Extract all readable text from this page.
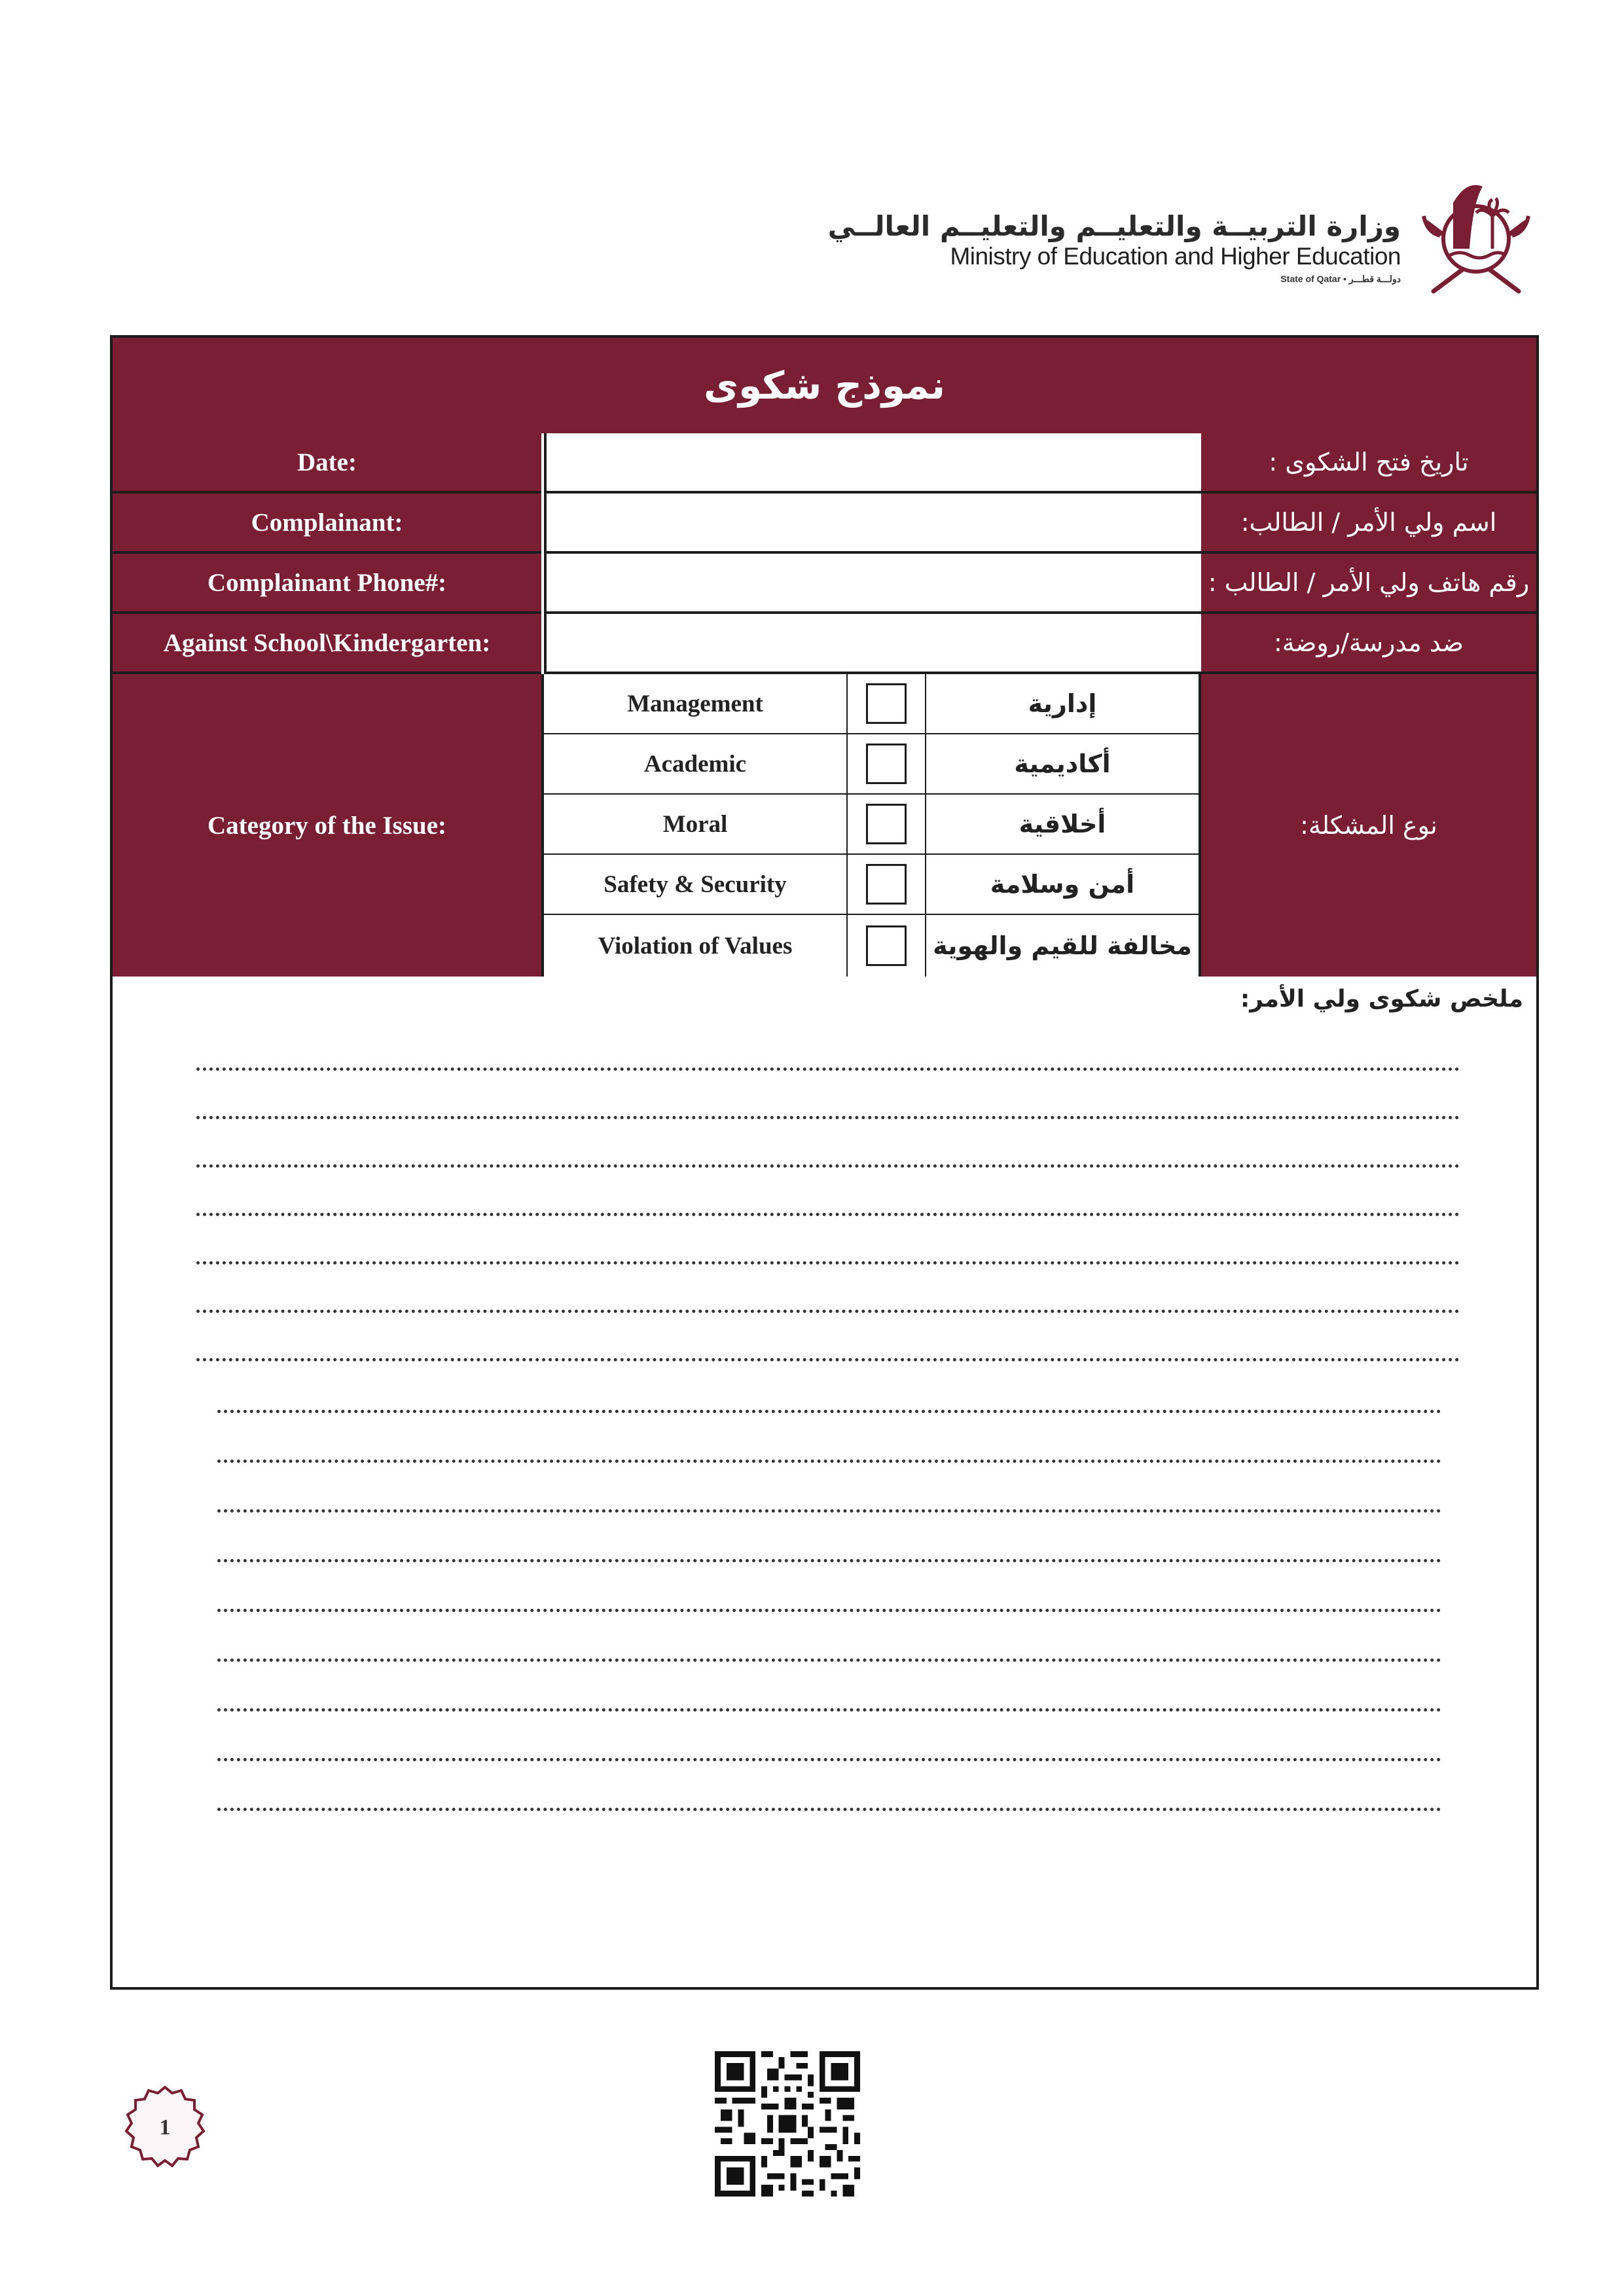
وزارة التربيــة والتعليــم والتعليــم العالــي
Ministry of Education and Higher Education
State of Qatar • دولـــة قطـــر
نموذج شكوى
Date:	تاريخ فتح الشكوى :
Complainant:	اسم ولي الأمر / الطالب:
Complainant Phone#:	رقم هاتف ولي الأمر / الطالب :
Against School\Kindergarten:	ضد مدرسة/روضة:
Category of the Issue:
Management	إدارية
Academic	أكاديمية
Moral	أخلاقية
Safety & Security	أمن وسلامة
Violation of Values	مخالفة للقيم والهوية
نوع المشكلة:
ملخص شكوى ولي الأمر:
1
